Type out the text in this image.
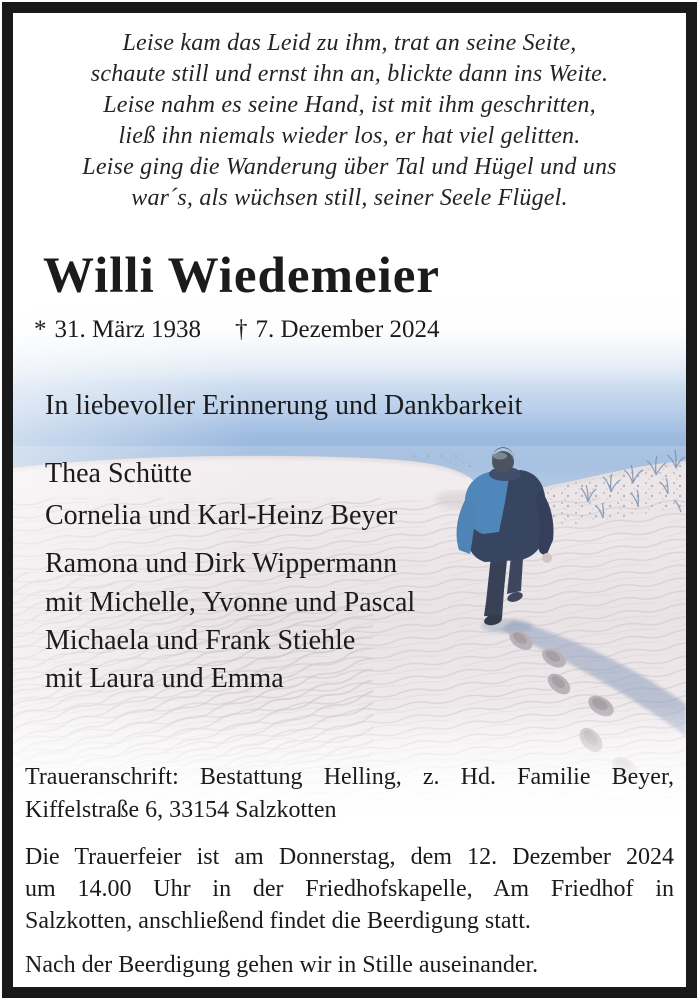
Leise kam das Leid zu ihm, trat an seine Seite,
schaute still und ernst ihn an, blickte dann ins Weite.
Leise nahm es seine Hand, ist mit ihm geschritten,
ließ ihn niemals wieder los, er hat viel gelitten.
Leise ging die Wanderung über Tal und Hügel und uns
war´s, als wüchsen still, seiner Seele Flügel.
Willi Wiedemeier
* 31. März 1938 † 7. Dezember 2024
In liebevoller Erinnerung und Dankbarkeit
Thea Schütte
Cornelia und Karl-Heinz Beyer
Ramona und Dirk Wippermann
mit Michelle, Yvonne und Pascal
Michaela und Frank Stiehle
mit Laura und Emma
Traueranschrift: Bestattung Helling, z. Hd. Familie Beyer,
Kiffelstraße 6, 33154 Salzkotten
Die Trauerfeier ist am Donnerstag, dem 12. Dezember 2024
um 14.00 Uhr in der Friedhofskapelle, Am Friedhof in
Salzkotten, anschließend findet die Beerdigung statt.
Nach der Beerdigung gehen wir in Stille auseinander.
